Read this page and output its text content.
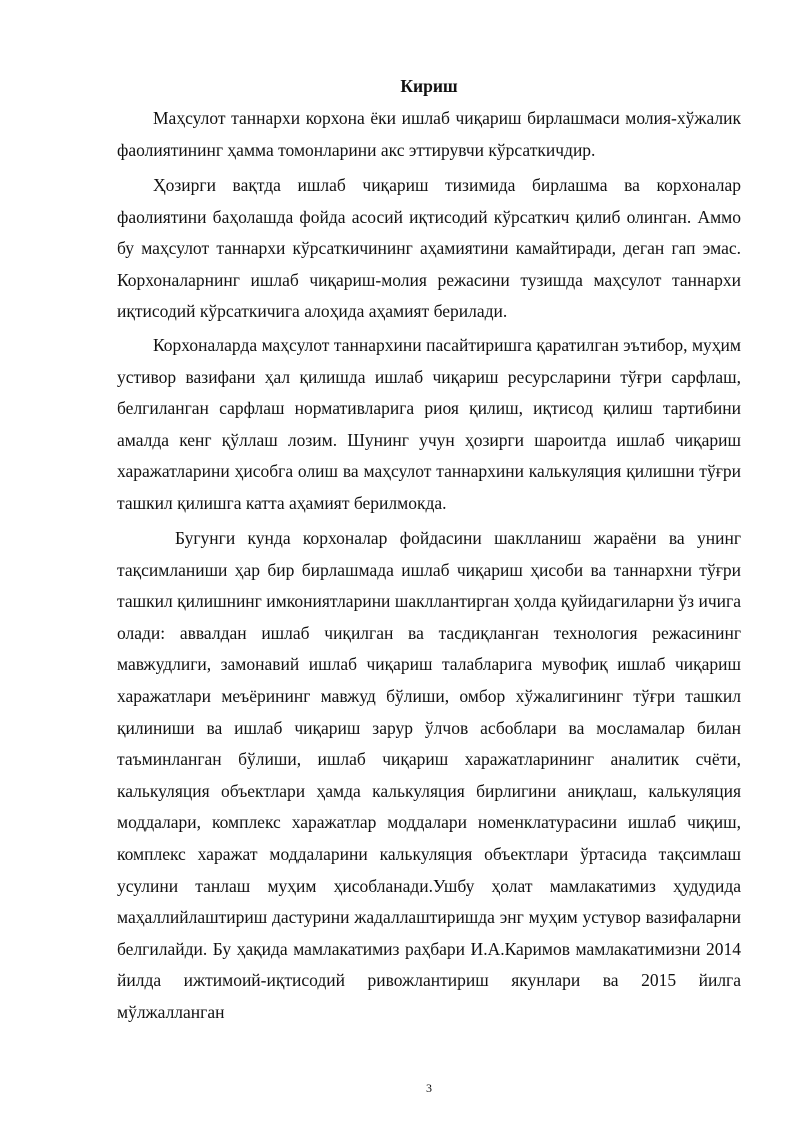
Кириш

Маҳсулот таннархи корхона ёки ишлаб чиқариш бирлашмаси молия-хўжалик фаолиятининг ҳамма томонларини акс эттирувчи кўрсаткичдир.

Ҳозирги вақтда ишлаб чиқариш тизимида бирлашма ва корхоналар фаолиятини баҳолашда фойда асосий иқтисодий кўрсаткич қилиб олинган. Аммо бу маҳсулот таннархи кўрсаткичининг аҳамиятини камайтиради, деган гап эмас. Корхоналарнинг ишлаб чиқариш-молия режасини тузишда маҳсулот таннархи иқтисодий кўрсаткичига алоҳида аҳамият берилади.

Корхоналарда маҳсулот таннархини пасайтиришга қаратилган эътибор, муҳим устивор вазифани ҳал қилишда ишлаб чиқариш ресурсларини тўғри сарфлаш, белгиланган сарфлаш нормативларига риоя қилиш, иқтисод қилиш тартибини амалда кенг қўллаш лозим. Шунинг учун ҳозирги шароитда ишлаб чиқариш харажатларини ҳисобга олиш ва маҳсулот таннархини калькуляция қилишни тўғри ташкил қилишга катта аҳамият берилмокда.

Бугунги кунда корхоналар фойдасини шаклланиш жараёни ва унинг тақсимланиши ҳар бир бирлашмада ишлаб чиқариш ҳисоби ва таннархни тўғри ташкил қилишнинг имкониятларини шакллантирган ҳолда қуйидагиларни ўз ичига олади: аввалдан ишлаб чиқилган ва тасдиқланган технология режасининг мавжудлиги, замонавий ишлаб чиқариш талабларига мувофиқ ишлаб чиқариш харажатлари меъёрининг мавжуд бўлиши, омбор хўжалигининг тўғри ташкил қилиниши ва ишлаб чиқариш зарур ўлчов асбоблари ва мосламалар билан таъминланган бўлиши, ишлаб чиқариш харажатларининг аналитик счёти, калькуляция объектлари ҳамда калькуляция бирлигини аниқлаш, калькуляция моддалари, комплекс харажатлар моддалари номенклатурасини ишлаб чиқиш, комплекс харажат моддаларини калькуляция объектлари ўртасида тақсимлаш усулини танлаш муҳим ҳисобланади.Ушбу ҳолат мамлакатимиз ҳудудида маҳаллийлаштириш дастурини жадаллаштиришда энг муҳим устувор вазифаларни белгилайди. Бу ҳақида мамлакатимиз раҳбари И.А.Каримов мамлакатимизни 2014 йилда ижтимоий-иқтисодий ривожлантириш якунлари ва 2015 йилга мўлжалланган

3
